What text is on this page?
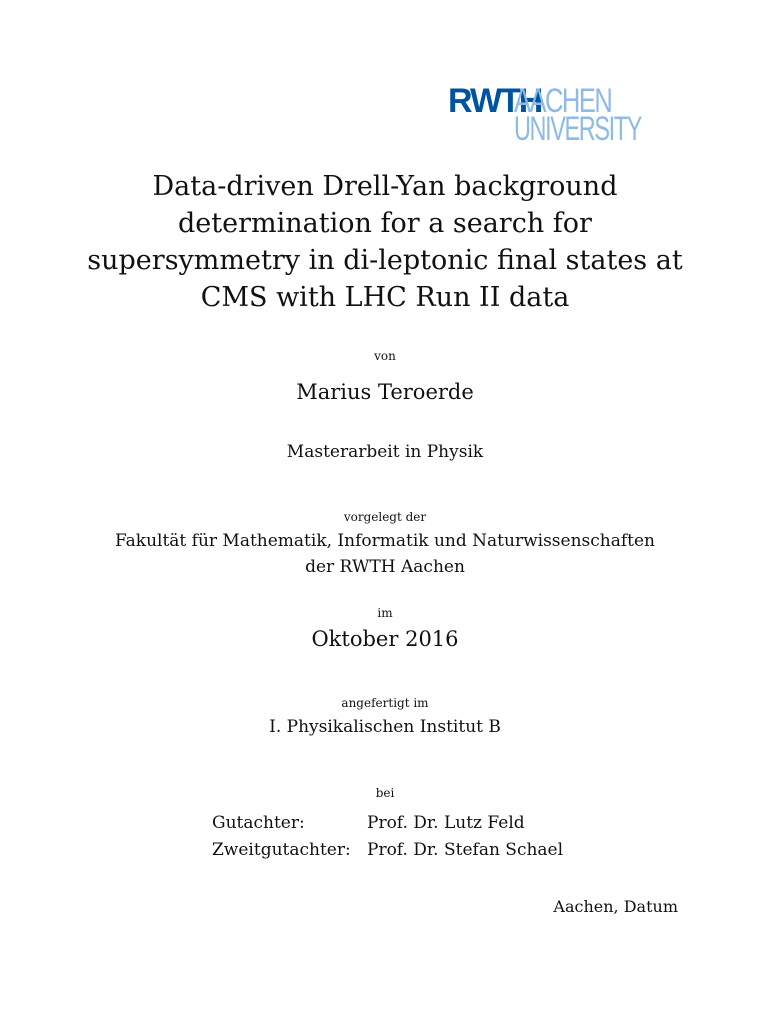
RWTH
AACHEN
UNIVERSITY
Data-driven Drell-Yan background
determination for a search for
supersymmetry in di-leptonic final states at
CMS with LHC Run II data
von
Marius Teroerde
Masterarbeit in Physik
vorgelegt der
Fakultät für Mathematik, Informatik und Naturwissenschaften
der RWTH Aachen
im
Oktober 2016
angefertigt im
I. Physikalischen Institut B
bei
Gutachter:	Prof. Dr. Lutz Feld
Zweitgutachter: Prof. Dr. Stefan Schael
Aachen, Datum
